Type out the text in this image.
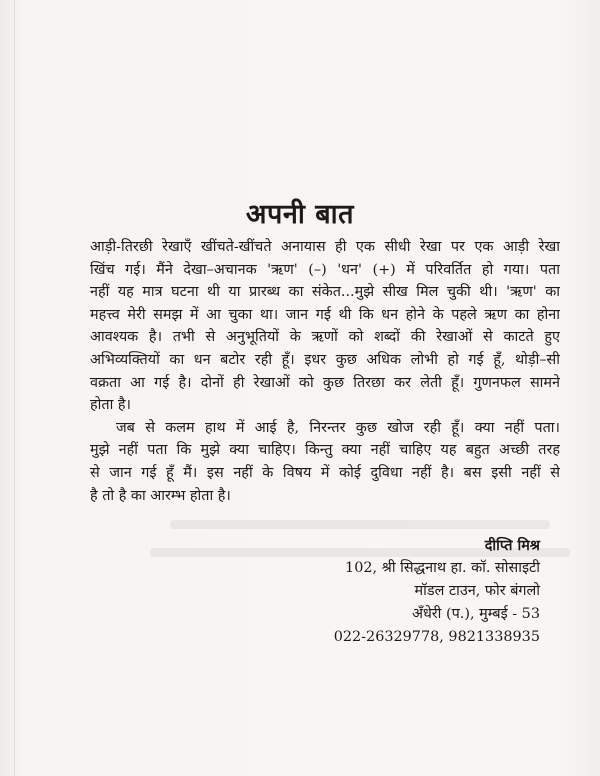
अपनी बात
आड़ी-तिरछी रेखाएँ खींचते-खींचते अनायास ही एक सीधी रेखा पर एक आड़ी रेखा
खिंच गई। मैंने देखा–अचानक 'ऋण' (–) 'धन' (+) में परिवर्तित हो गया। पता
नहीं यह मात्र घटना थी या प्रारब्ध का संकेत...मुझे सीख मिल चुकी थी। 'ऋण' का
महत्त्व मेरी समझ में आ चुका था। जान गई थी कि धन होने के पहले ऋण का होना
आवश्यक है। तभी से अनुभूतियों के ऋणों को शब्दों की रेखाओं से काटते हुए
अभिव्यक्तियों का धन बटोर रही हूँ। इधर कुछ अधिक लोभी हो गई हूँ, थोड़ी–सी
वक्रता आ गई है। दोनों ही रेखाओं को कुछ तिरछा कर लेती हूँ। गुणनफल सामने
होता है।
जब से कलम हाथ में आई है, निरन्तर कुछ खोज रही हूँ। क्या नहीं पता।
मुझे नहीं पता कि मुझे क्या चाहिए। किन्तु क्या नहीं चाहिए यह बहुत अच्छी तरह
से जान गई हूँ मैं। इस नहीं के विषय में कोई दुविधा नहीं है। बस इसी नहीं से
है तो है का आरम्भ होता है।
दीप्ति मिश्र
102, श्री सिद्धनाथ हा. कॉ. सोसाइटी
मॉडल टाउन, फोर बंगलो
अँधेरी (प.), मुम्बई - 53
022-26329778, 9821338935
